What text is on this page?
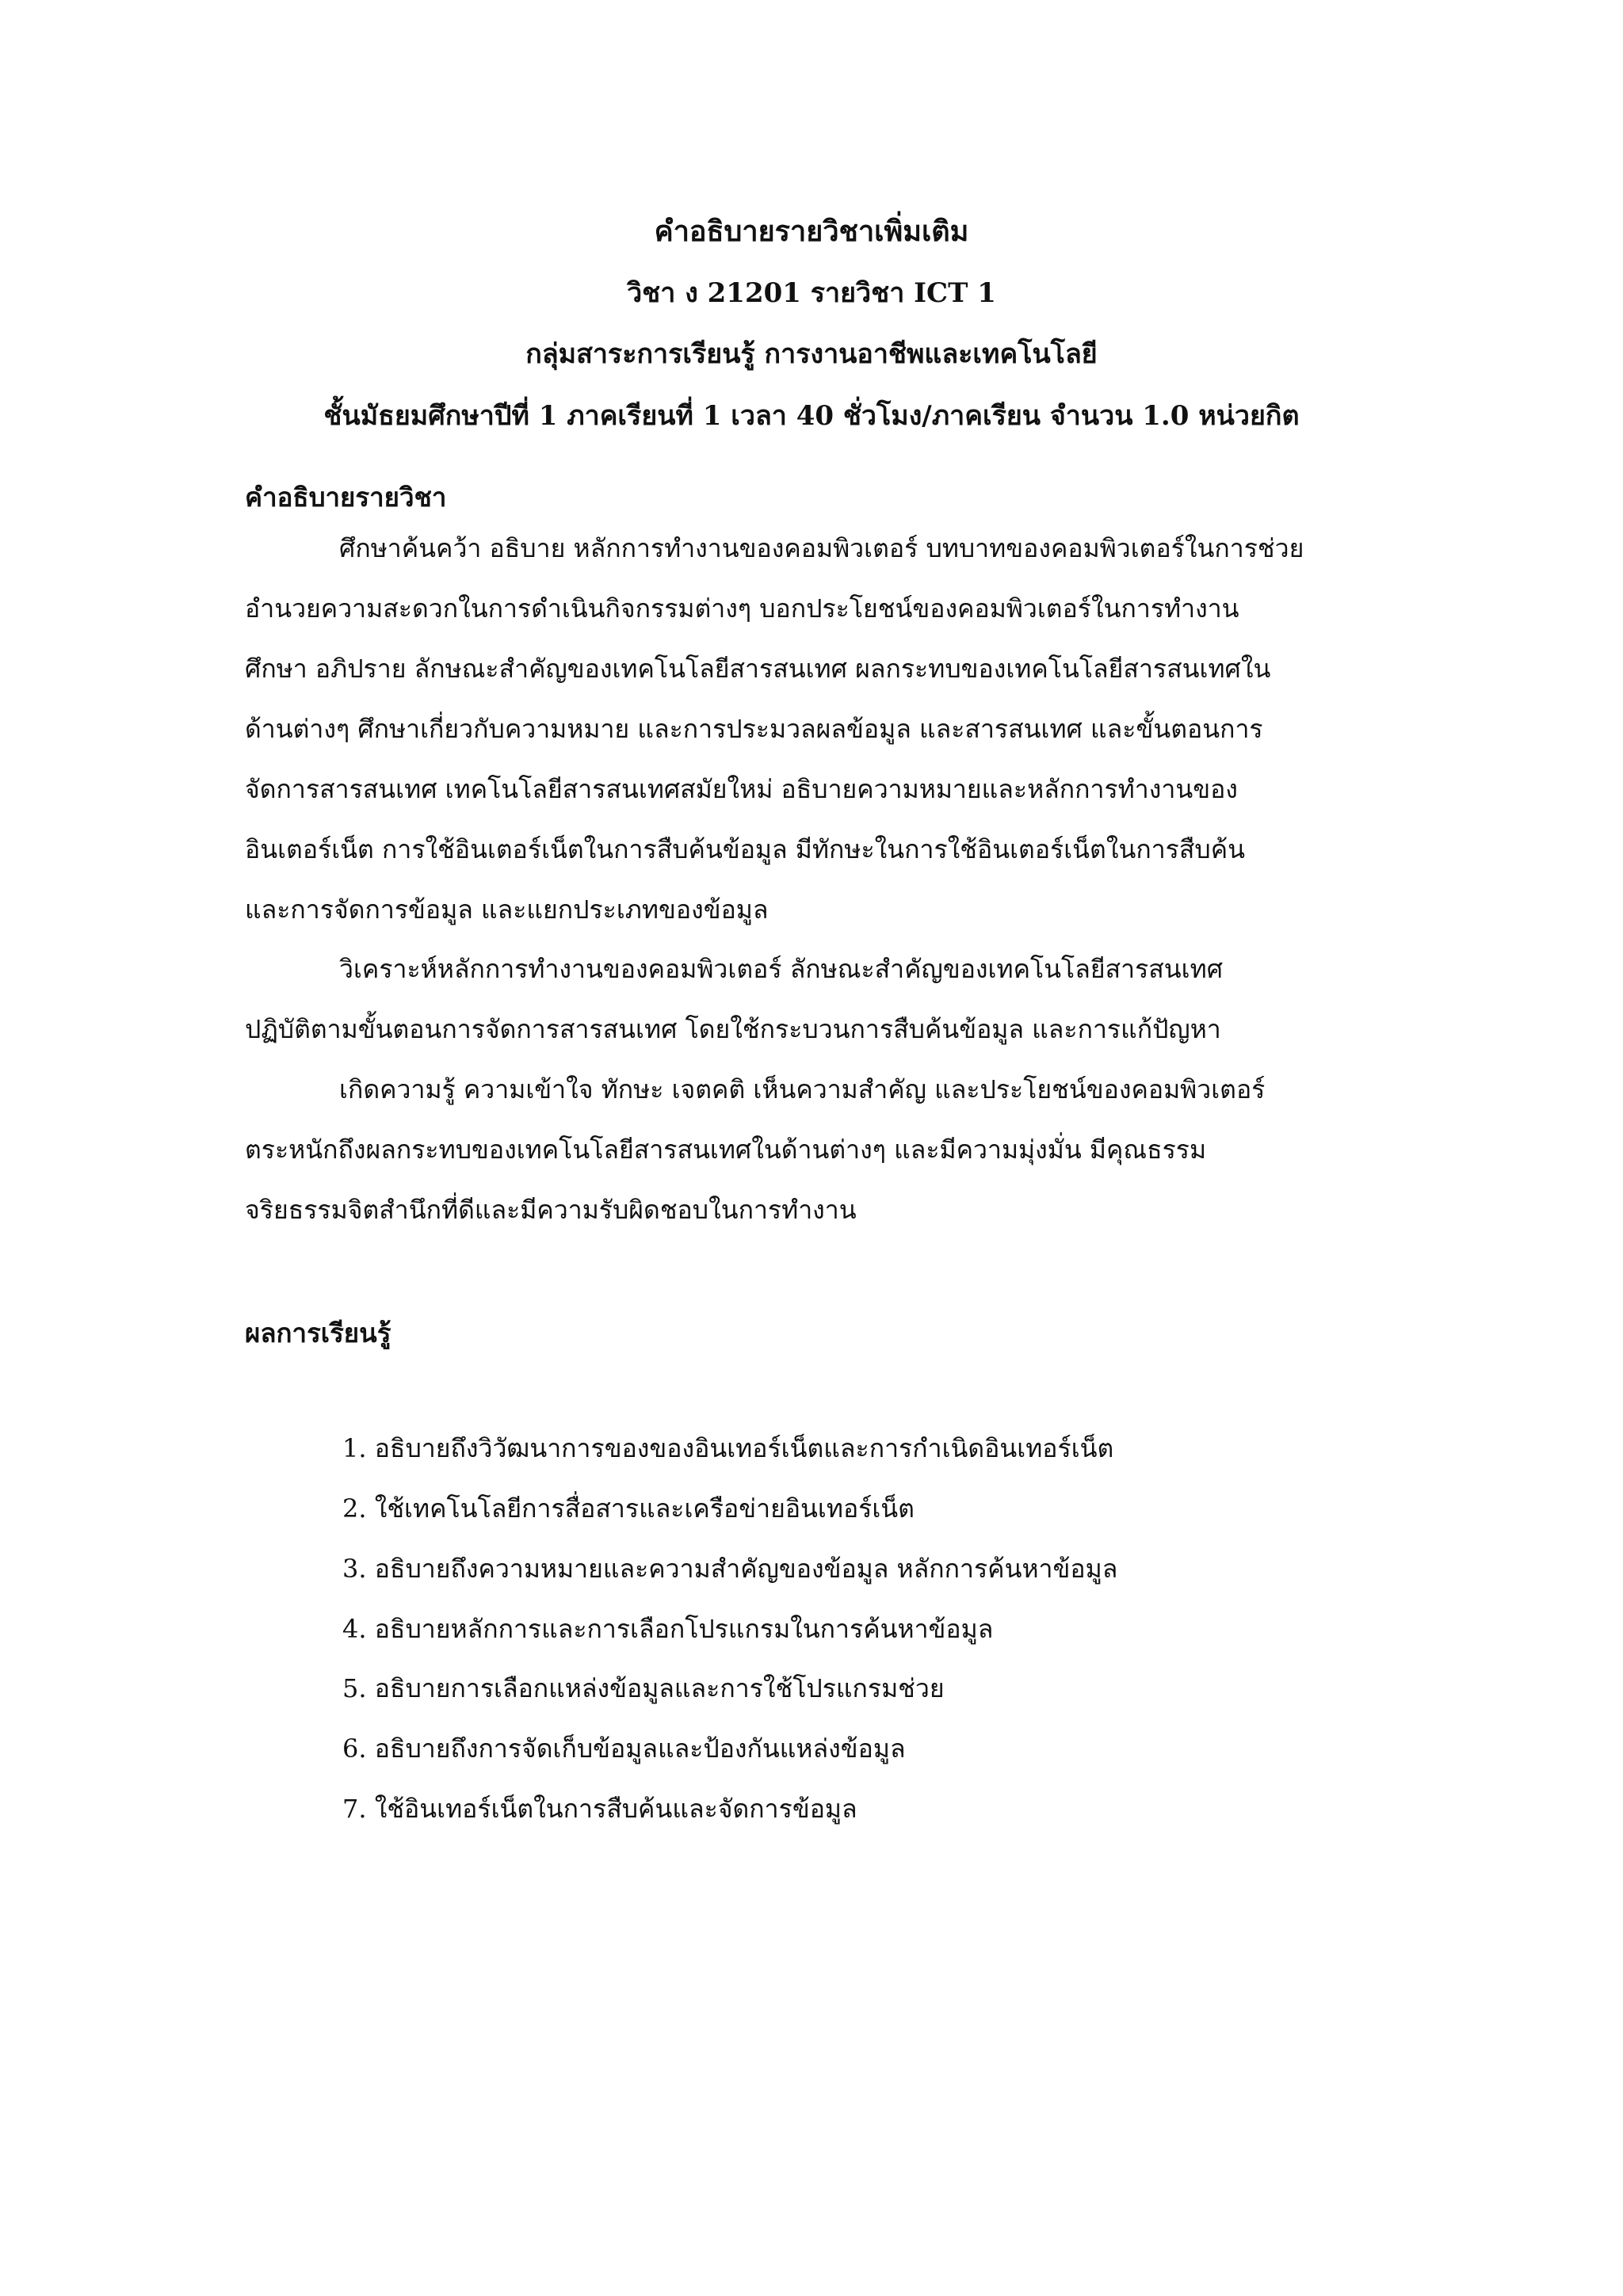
คำอธิบายรายวิชาเพิ่มเติม
วิชา ง 21201 รายวิชา ICT 1
กลุ่มสาระการเรียนรู้ การงานอาชีพและเทคโนโลยี
ชั้นมัธยมศึกษาปีที่ 1 ภาคเรียนที่ 1 เวลา 40 ชั่วโมง/ภาคเรียน จำนวน 1.0 หน่วยกิต
คำอธิบายรายวิชา
ศึกษาค้นคว้า อธิบาย หลักการทำงานของคอมพิวเตอร์ บทบาทของคอมพิวเตอร์ในการช่วย
อำนวยความสะดวกในการดำเนินกิจกรรมต่างๆ บอกประโยชน์ของคอมพิวเตอร์ในการทำงาน
ศึกษา อภิปราย ลักษณะสำคัญของเทคโนโลยีสารสนเทศ ผลกระทบของเทคโนโลยีสารสนเทศใน
ด้านต่างๆ ศึกษาเกี่ยวกับความหมาย และการประมวลผลข้อมูล และสารสนเทศ และขั้นตอนการ
จัดการสารสนเทศ เทคโนโลยีสารสนเทศสมัยใหม่ อธิบายความหมายและหลักการทำงานของ
อินเตอร์เน็ต การใช้อินเตอร์เน็ตในการสืบค้นข้อมูล มีทักษะในการใช้อินเตอร์เน็ตในการสืบค้น
และการจัดการข้อมูล และแยกประเภทของข้อมูล
วิเคราะห์หลักการทำงานของคอมพิวเตอร์ ลักษณะสำคัญของเทคโนโลยีสารสนเทศ
ปฏิบัติตามขั้นตอนการจัดการสารสนเทศ โดยใช้กระบวนการสืบค้นข้อมูล และการแก้ปัญหา
เกิดความรู้ ความเข้าใจ ทักษะ เจตคติ เห็นความสำคัญ และประโยชน์ของคอมพิวเตอร์
ตระหนักถึงผลกระทบของเทคโนโลยีสารสนเทศในด้านต่างๆ และมีความมุ่งมั่น มีคุณธรรม
จริยธรรมจิตสำนึกที่ดีและมีความรับผิดชอบในการทำงาน
ผลการเรียนรู้
1. อธิบายถึงวิวัฒนาการของของอินเทอร์เน็ตและการกำเนิดอินเทอร์เน็ต
2. ใช้เทคโนโลยีการสื่อสารและเครือข่ายอินเทอร์เน็ต
3. อธิบายถึงความหมายและความสำคัญของข้อมูล หลักการค้นหาข้อมูล
4. อธิบายหลักการและการเลือกโปรแกรมในการค้นหาข้อมูล
5. อธิบายการเลือกแหล่งข้อมูลและการใช้โปรแกรมช่วย
6. อธิบายถึงการจัดเก็บข้อมูลและป้องกันแหล่งข้อมูล
7. ใช้อินเทอร์เน็ตในการสืบค้นและจัดการข้อมูล
